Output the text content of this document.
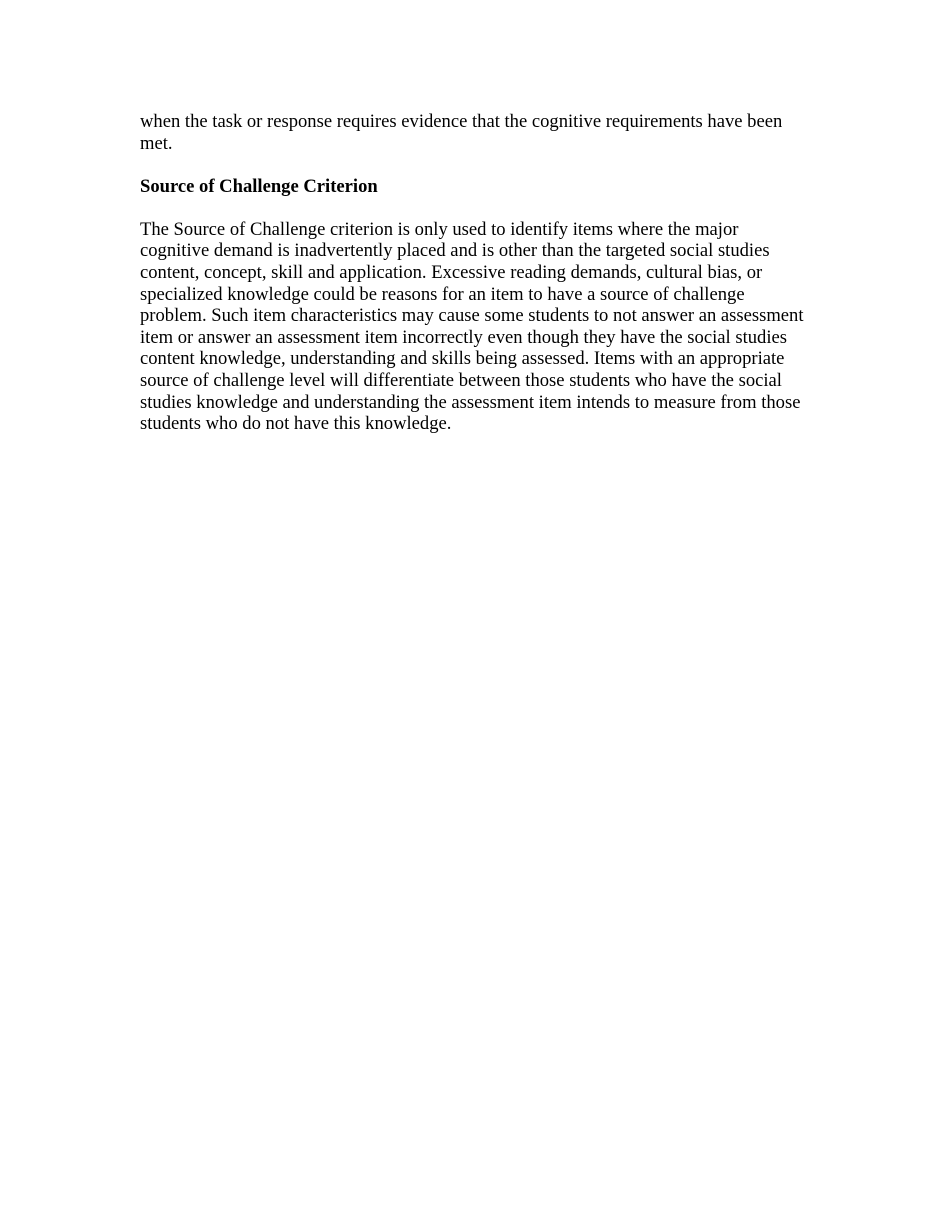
when the task or response requires evidence that the cognitive requirements have been
met.

Source of Challenge Criterion

The Source of Challenge criterion is only used to identify items where the major
cognitive demand is inadvertently placed and is other than the targeted social studies
content, concept, skill and application. Excessive reading demands, cultural bias, or
specialized knowledge could be reasons for an item to have a source of challenge
problem. Such item characteristics may cause some students to not answer an assessment
item or answer an assessment item incorrectly even though they have the social studies
content knowledge, understanding and skills being assessed. Items with an appropriate
source of challenge level will differentiate between those students who have the social
studies knowledge and understanding the assessment item intends to measure from those
students who do not have this knowledge.
